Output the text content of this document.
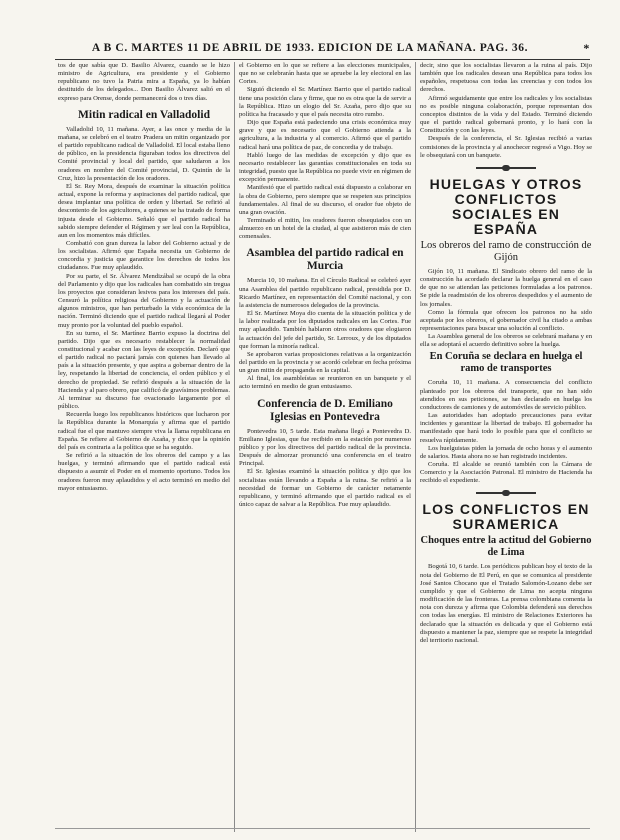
A B C. MARTES 11 DE ABRIL DE 1933. EDICION DE LA MAÑANA. PAG. 36.	*

tos de que sabía que D. Basilio Álvarez, cuando se le hizo ministro de Agricultura, era presidente y el Gobierno republicano no tuvo la Patria mira a España, ya lo habían destituido de los delegados... Don Basilio Álvarez salió en el expreso para Orense, donde permanecerá dos o tres días.

Mitin radical en Valladolid

Valladolid 10, 11 mañana. Ayer, a las once y media de la mañana, se celebró en el teatro Pradera un mitin organizado por el partido republicano radical de Valladolid. El local estaba lleno de público, en la presidencia figuraban todos los directivos del Comité provincial y local del partido, que saludaron a los oradores en nombre del Comité provincial, D. Quintín de la Cruz, hizo la presentación de los oradores.

El Sr. Rey Mora, después de examinar la situación política actual, expone la reforma y aspiraciones del partido radical, que desea implantar una política de orden y libertad. Se refirió al descontento de los agricultores, a quienes se ha tratado de forma injusta desde el Gobierno. Señaló que el partido radical ha sabido siempre defender el Régimen y ser leal con la República, aun en los momentos más difíciles.

Combatió con gran dureza la labor del Gobierno actual y de los socialistas. Afirmó que España necesita un Gobierno de concordia y justicia que garantice los derechos de todos los ciudadanos. Fue muy aplaudido.

Por su parte, el Sr. Álvarez Mendizábal se ocupó de la obra del Parlamento y dijo que los radicales han combatido sin tregua los proyectos que consideran lesivos para los intereses del país. Censuró la política religiosa del Gobierno y la actuación de algunos ministros, que han perturbado la vida económica de la nación. Terminó diciendo que el partido radical llegará al Poder muy pronto por la voluntad del pueblo español.

En su turno, el Sr. Martínez Barrio expuso la doctrina del partido. Dijo que es necesario restablecer la normalidad constitucional y acabar con las leyes de excepción. Declaró que el partido radical no pactará jamás con quienes han llevado al país a la situación presente, y que aspira a gobernar dentro de la ley, respetando la libertad de conciencia, el orden público y el derecho de propiedad. Se refirió después a la situación de la Hacienda y al paro obrero, que calificó de gravísimos problemas. Al terminar su discurso fue ovacionado largamente por el público.

Recuerda luego los republicanos históricos que lucharon por la República durante la Monarquía y afirma que el partido radical fue el que mantuvo siempre viva la llama republicana en España. Se refiere al Gobierno de Azaña, y dice que la opinión del país es contraria a la política que se ha seguido.

Se refirió a la situación de los obreros del campo y a las huelgas, y terminó afirmando que el partido radical está dispuesto a asumir el Poder en el momento oportuno. Todos los oradores fueron muy aplaudidos y el acto terminó en medio del mayor entusiasmo.

el Gobierno en lo que se refiere a las elecciones municipales, que no se celebrarán hasta que se apruebe la ley electoral en las Cortes.

Siguió diciendo el Sr. Martínez Barrio que el partido radical tiene una posición clara y firme, que no es otra que la de servir a la República. Hizo un elogio del Sr. Azaña, pero dijo que su política ha fracasado y que el país necesita otro rumbo.

Dijo que España está padeciendo una crisis económica muy grave y que es necesario que el Gobierno atienda a la agricultura, a la industria y al comercio. Afirmó que el partido radical hará una política de paz, de concordia y de trabajo.

Habló luego de las medidas de excepción y dijo que es necesario restablecer las garantías constitucionales en toda su integridad, puesto que la República no puede vivir en régimen de excepción permanente.

Manifestó que el partido radical está dispuesto a colaborar en la obra de Gobierno, pero siempre que se respeten sus principios fundamentales. Al final de su discurso, el orador fue objeto de una gran ovación.

Terminado el mitin, los oradores fueron obsequiados con un almuerzo en un hotel de la ciudad, al que asistieron más de cien comensales.

Asamblea del partido radical en Murcia

Murcia 10, 10 mañana. En el Círculo Radical se celebró ayer una Asamblea del partido republicano radical, presidida por D. Ricardo Martínez, en representación del Comité nacional, y con la asistencia de numerosos delegados de la provincia.

El Sr. Martínez Moya dio cuenta de la situación política y de la labor realizada por los diputados radicales en las Cortes. Fue muy aplaudido. También hablaron otros oradores que elogiaron la actuación del jefe del partido, Sr. Lerroux, y de los diputados que forman la minoría radical.

Se aprobaron varias proposiciones relativas a la organización del partido en la provincia y se acordó celebrar en fecha próxima un gran mitin de propaganda en la capital.

Al final, los asambleístas se reunieron en un banquete y el acto terminó en medio de gran entusiasmo.

Conferencia de D. Emiliano Iglesias en Pontevedra

Pontevedra 10, 5 tarde. Esta mañana llegó a Pontevedra D. Emiliano Iglesias, que fue recibido en la estación por numeroso público y por los directivos del partido radical de la provincia. Después de almorzar pronunció una conferencia en el teatro Principal.

El Sr. Iglesias examinó la situación política y dijo que los socialistas están llevando a España a la ruina. Se refirió a la necesidad de formar un Gobierno de carácter netamente republicano, y terminó afirmando que el partido radical es el único capaz de salvar a la República. Fue muy aplaudido.

decir, sino que los socialistas llevaron a la ruina al país. Dijo también que los radicales desean una República para todos los españoles, respetuosa con todas las creencias y con todos los derechos.

Afirmó seguidamente que entre los radicales y los socialistas no es posible ninguna colaboración, porque representan dos conceptos distintos de la vida y del Estado. Terminó diciendo que el partido radical gobernará pronto, y lo hará con la Constitución y con las leyes.

Después de la conferencia, el Sr. Iglesias recibió a varias comisiones de la provincia y al anochecer regresó a Vigo. Hoy se le obsequiará con un banquete.

HUELGAS Y OTROS CONFLICTOS SOCIALES EN ESPAÑA
Los obreros del ramo de construcción de Gijón

Gijón 10, 11 mañana. El Sindicato obrero del ramo de la construcción ha acordado declarar la huelga general en el caso de que no se atiendan las peticiones formuladas a los patronos. Se pide la readmisión de los obreros despedidos y el aumento de los jornales.

Como la fórmula que ofrecen los patronos no ha sido aceptada por los obreros, el gobernador civil ha citado a ambas representaciones para buscar una solución al conflicto.

La Asamblea general de los obreros se celebrará mañana y en ella se adoptará el acuerdo definitivo sobre la huelga.

En Coruña se declara en huelga el ramo de transportes

Coruña 10, 11 mañana. A consecuencia del conflicto planteado por los obreros del transporte, que no han sido atendidos en sus peticiones, se han declarado en huelga los conductores de camiones y de automóviles de servicio público.

Las autoridades han adoptado precauciones para evitar incidentes y garantizar la libertad de trabajo. El gobernador ha manifestado que hará todo lo posible para que el conflicto se resuelva rápidamente.

Los huelguistas piden la jornada de ocho horas y el aumento de salarios. Hasta ahora no se han registrado incidentes.

Coruña. El alcalde se reunió también con la Cámara de Comercio y la Asociación Patronal. El ministro de Hacienda ha recibido el expediente.

LOS CONFLICTOS EN SURAMERICA
Choques entre la actitud del Gobierno de Lima

Bogotá 10, 6 tarde. Los periódicos publican hoy el texto de la nota del Gobierno de El Perú, en que se comunica al presidente José Santos Chocano que el Tratado Salomón-Lozano debe ser cumplido y que el Gobierno de Lima no acepta ninguna modificación de las fronteras. La prensa colombiana comenta la nota con dureza y afirma que Colombia defenderá sus derechos con todas las energías. El ministro de Relaciones Exteriores ha declarado que la situación es delicada y que el Gobierno está dispuesto a mantener la paz, siempre que se respete la integridad del territorio nacional.
